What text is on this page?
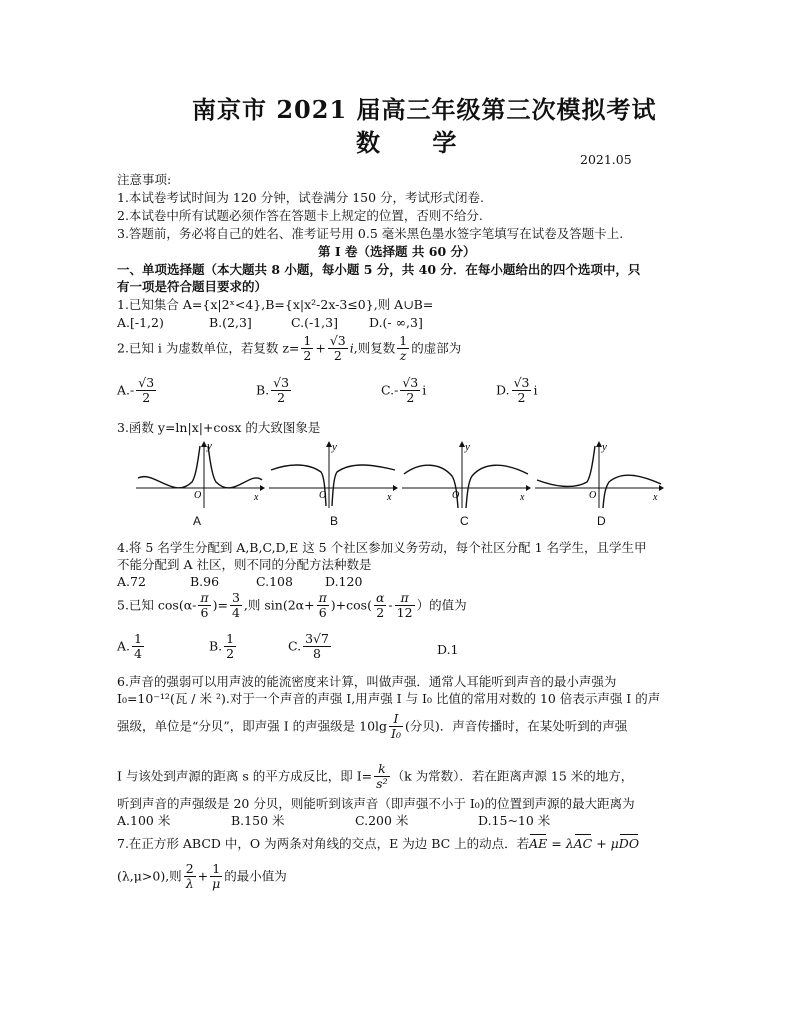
南京市 2021 届高三年级第三次模拟考试
数 学
2021.05
注意事项:
1.本试卷考试时间为 120 分钟，试卷满分 150 分，考试形式闭卷.
2.本试卷中所有试题必须作答在答题卡上规定的位置，否则不给分.
3.答题前，务必将自己的姓名、准考证号用 0.5 毫米黑色墨水签字笔填写在试卷及答题卡上.
第 I 卷（选择题 共 60 分）
一、单项选择题（本大题共 8 小题，每小题 5 分，共 40 分．在每小题给出的四个选项中，只
有一项是符合题目要求的）
1.已知集合 A={x|2ˣ<4},B={x|x²-2x-3≤0},则 A∪B=
A.[-1,2)	B.(2,3]	C.(-1,3] D.(- ∞,3]
2.已知 i 为虚数单位，若复数 $z= \frac{1}{2} + \frac{√3}{2} i$,则复数 $\frac{1}{z}$ 的虚部为
$A.- \frac{√3}{2}$	B. $\frac{√3}{2}$	$C.- \frac{√3}{2}$ i	D. $\frac{√3}{2}$ i
3.函数 y=ln|x|+cosx 的大致图象是
y
O	x
A
y
O	x
B
y
O	x
C
y
O	x
D
4.将 5 名学生分配到 A,B,C,D,E 这 5 个社区参加义务劳动，每个社区分配 1 名学生，且学生甲
不能分配到 A 社区，则不同的分配方法种数是
A.72	B.96	C.108	D.120
5.已知 $\cos(\alpha- \frac{\pi}{6}$ )= $\frac{3}{4}$ ,则 $\sin(2\alpha+ \frac{\pi}{6} )+\cos( \frac{\alpha}{2} - \frac{\pi}{12}$ ）的值为
A. $\frac{1}{4}$	B. $\frac{1}{2}$	C. $\frac{3√7}{8}$	D.1
6.声音的强弱可以用声波的能流密度来计算，叫做声强．通常人耳能听到声音的最小声强为
I₀=10⁻¹²(瓦 / 米 ²).对于一个声音的声强 I,用声强 I 与 I₀ 比值的常用对数的 10 倍表示声强 I 的声
强级，单位是“分贝”，即声强 I 的声强级是 $10\lg \frac{I}{\text{I₀}}$ (分贝)．声音传播时，在某处听到的声强
I 与该处到声源的距离 s 的平方成反比，即 $I= \frac{k}{\text{s²}} (k$ 为常数）．若在距离声源 15 米的地方，
听到声音的声强级是 20 分贝，则能听到该声音（即声强不小于 I₀)的位置到声源的最大距离为
A.100 米	B.150 米	C.200 米	D.15~10 米
7.在正方形 ABCD 中，O 为两条对角线的交点，E 为边 BC 上的动点．若AE = λAC + μDO
(λ,μ>0),则 $\frac{2}{\lambda} + \frac{1}{\mu}$ 的最小值为
